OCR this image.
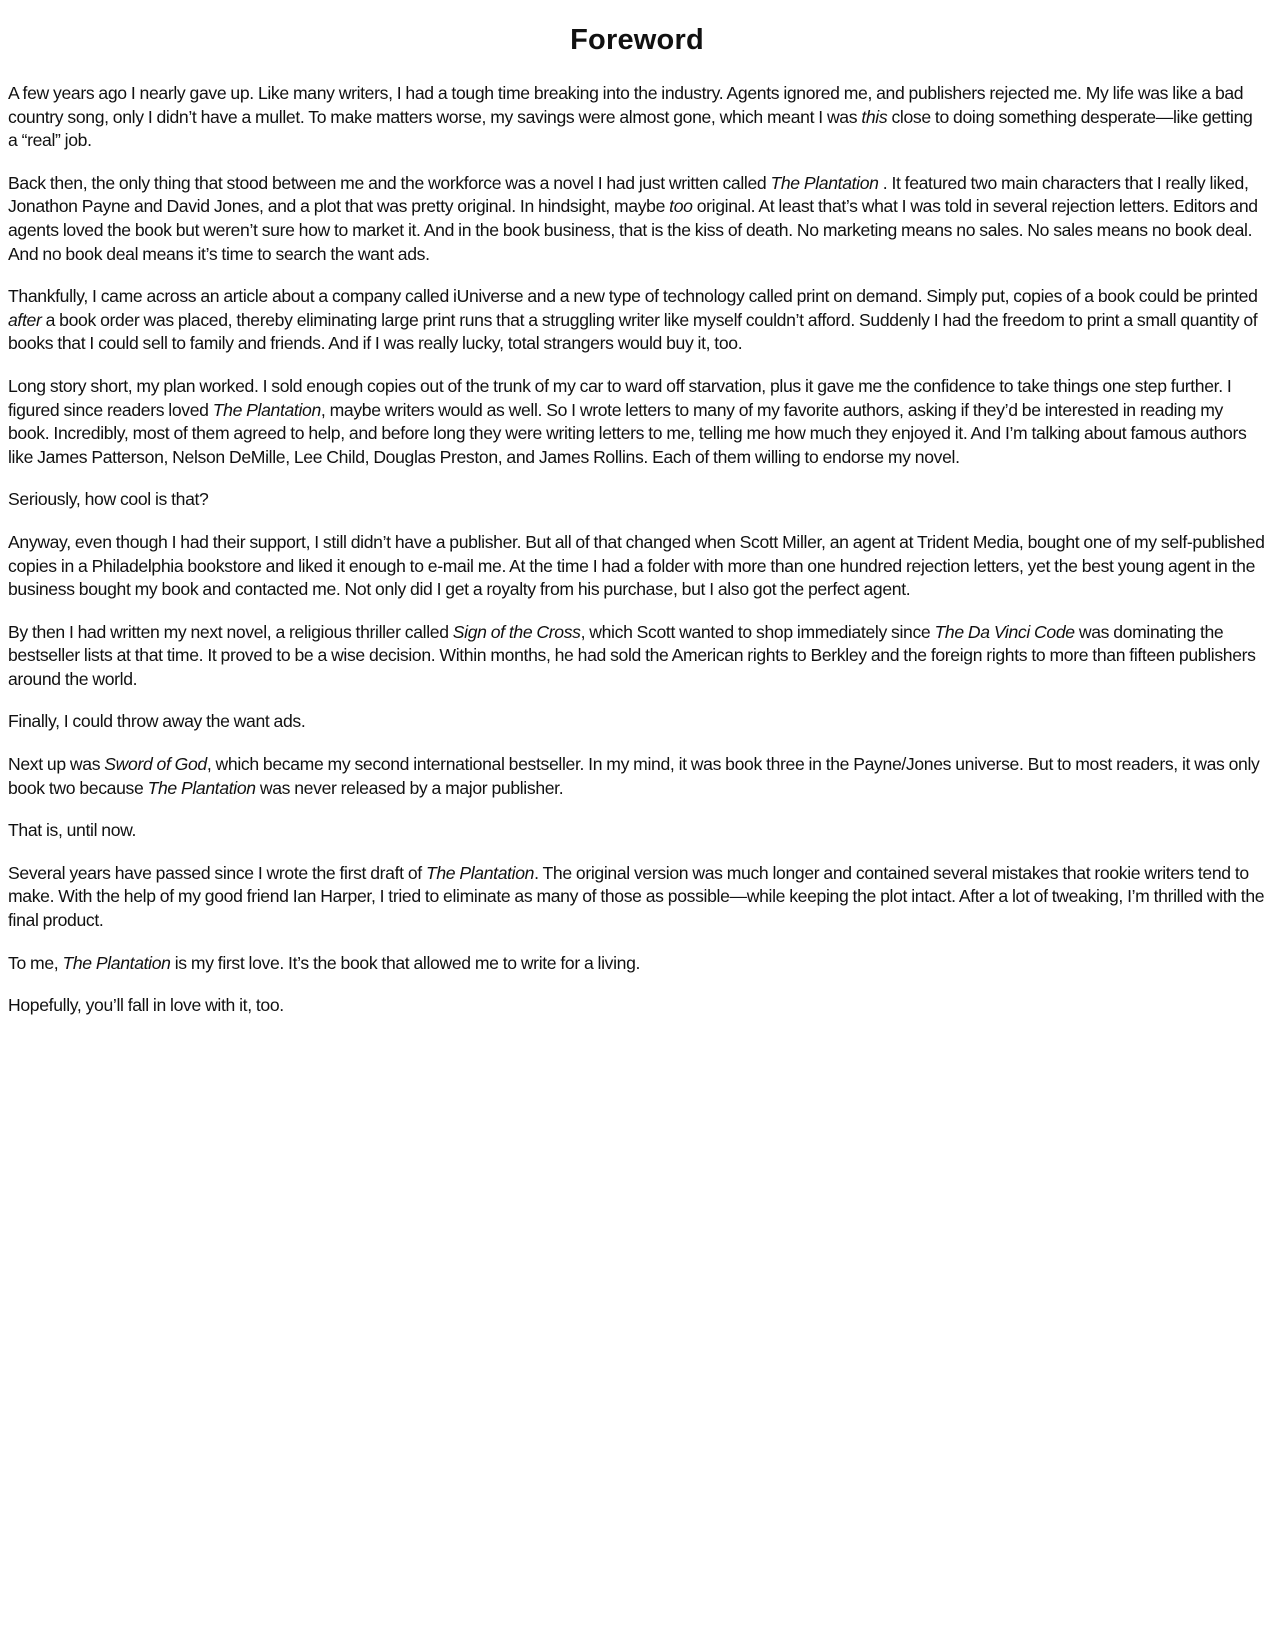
Foreword

A few years ago I nearly gave up. Like many writers, I had a tough time breaking into the industry. Agents ignored me, and publishers rejected me. My life was like a bad country song, only I didn’t have a mullet. To make matters worse, my savings were almost gone, which meant I was this close to doing something desperate—like getting a “real” job.

Back then, the only thing that stood between me and the workforce was a novel I had just written called The Plantation . It featured two main characters that I really liked, Jonathon Payne and David Jones, and a plot that was pretty original. In hindsight, maybe too original. At least that’s what I was told in several rejection letters. Editors and agents loved the book but weren’t sure how to market it. And in the book business, that is the kiss of death. No marketing means no sales. No sales means no book deal. And no book deal means it’s time to search the want ads.

Thankfully, I came across an article about a company called iUniverse and a new type of technology called print on demand. Simply put, copies of a book could be printed after a book order was placed, thereby eliminating large print runs that a struggling writer like myself couldn’t afford. Suddenly I had the freedom to print a small quantity of books that I could sell to family and friends. And if I was really lucky, total strangers would buy it, too.

Long story short, my plan worked. I sold enough copies out of the trunk of my car to ward off starvation, plus it gave me the confidence to take things one step further. I figured since readers loved The Plantation, maybe writers would as well. So I wrote letters to many of my favorite authors, asking if they’d be interested in reading my book. Incredibly, most of them agreed to help, and before long they were writing letters to me, telling me how much they enjoyed it. And I’m talking about famous authors like James Patterson, Nelson DeMille, Lee Child, Douglas Preston, and James Rollins. Each of them willing to endorse my novel.

Seriously, how cool is that?

Anyway, even though I had their support, I still didn’t have a publisher. But all of that changed when Scott Miller, an agent at Trident Media, bought one of my self-published copies in a Philadelphia bookstore and liked it enough to e-mail me. At the time I had a folder with more than one hundred rejection letters, yet the best young agent in the business bought my book and contacted me. Not only did I get a royalty from his purchase, but I also got the perfect agent.

By then I had written my next novel, a religious thriller called Sign of the Cross, which Scott wanted to shop immediately since The Da Vinci Code was dominating the bestseller lists at that time. It proved to be a wise decision. Within months, he had sold the American rights to Berkley and the foreign rights to more than fifteen publishers around the world.

Finally, I could throw away the want ads.

Next up was Sword of God, which became my second international bestseller. In my mind, it was book three in the Payne/Jones universe. But to most readers, it was only book two because The Plantation was never released by a major publisher.

That is, until now.

Several years have passed since I wrote the first draft of The Plantation. The original version was much longer and contained several mistakes that rookie writers tend to make. With the help of my good friend Ian Harper, I tried to eliminate as many of those as possible—while keeping the plot intact. After a lot of tweaking, I’m thrilled with the final product.

To me, The Plantation is my first love. It’s the book that allowed me to write for a living.

Hopefully, you’ll fall in love with it, too.
